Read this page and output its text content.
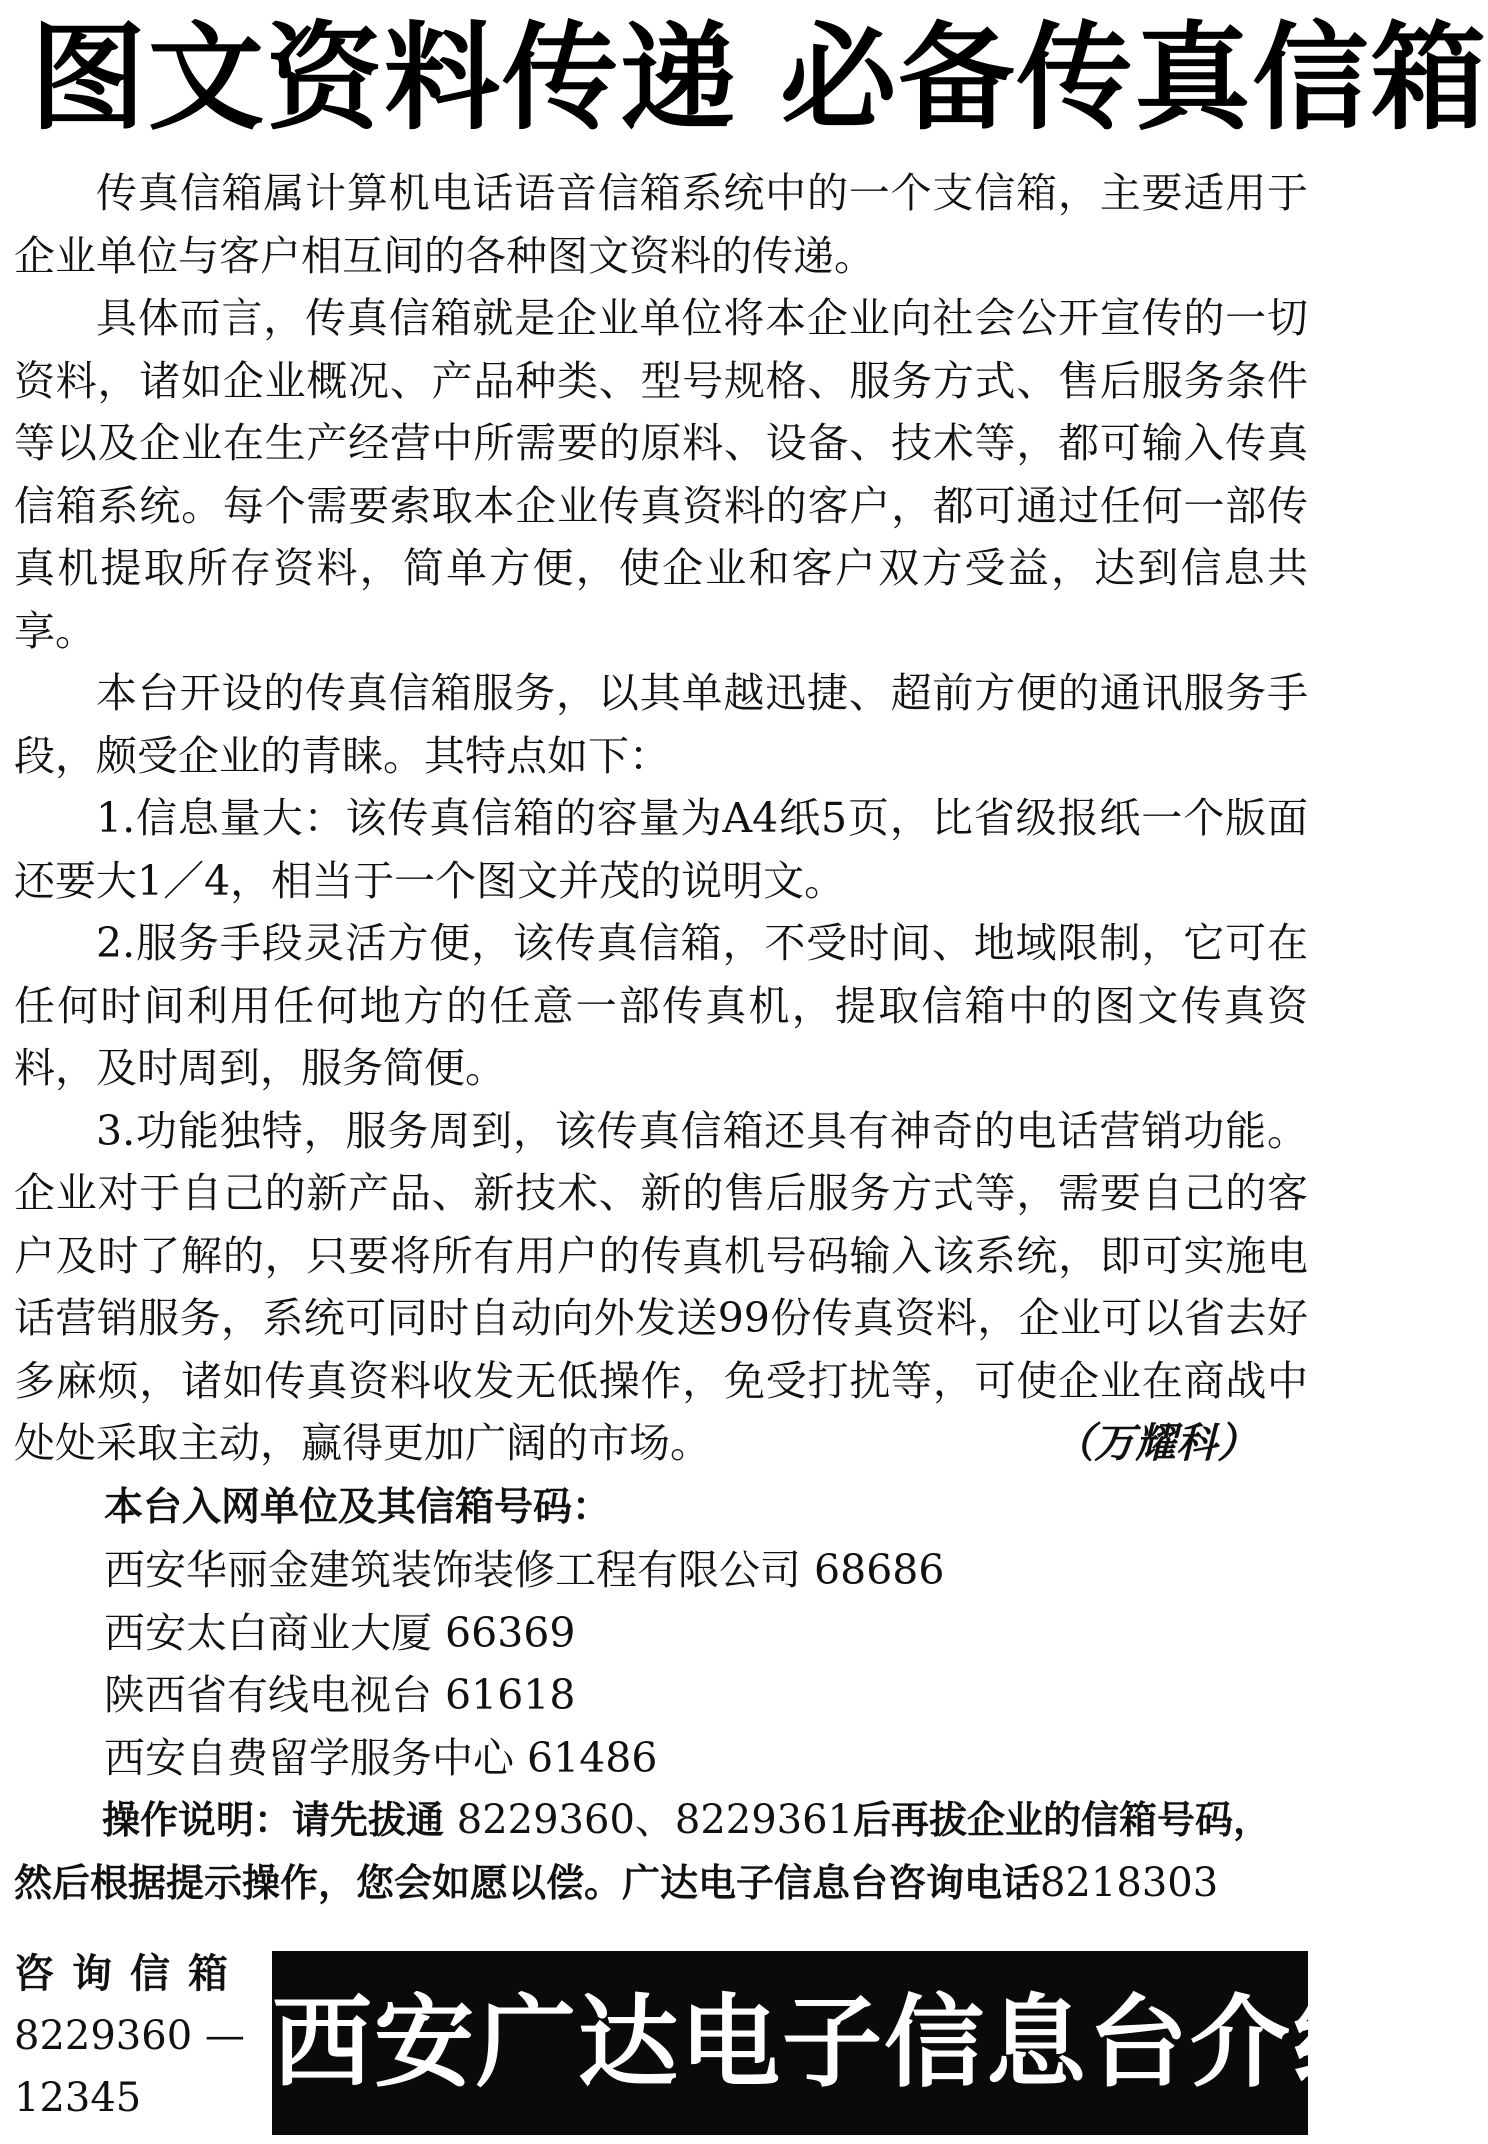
图文资料传递 必备传真信箱

传真信箱属计算机电话语音信箱系统中的一个支信箱，主要适用于企业单位与客户相互间的各种图文资料的传递。

具体而言，传真信箱就是企业单位将本企业向社会公开宣传的一切资料，诸如企业概况、产品种类、型号规格、服务方式、售后服务条件等以及企业在生产经营中所需要的原料、设备、技术等，都可输入传真信箱系统。每个需要索取本企业传真资料的客户，都可通过任何一部传真机提取所存资料，简单方便，使企业和客户双方受益，达到信息共享。

本台开设的传真信箱服务，以其单越迅捷、超前方便的通讯服务手段，颇受企业的青睐。其特点如下：

1.信息量大：该传真信箱的容量为A4纸5页，比省级报纸一个版面还要大1／4，相当于一个图文并茂的说明文。

2.服务手段灵活方便，该传真信箱，不受时间、地域限制，它可在任何时间利用任何地方的任意一部传真机，提取信箱中的图文传真资料，及时周到，服务简便。

3.功能独特，服务周到，该传真信箱还具有神奇的电话营销功能。企业对于自己的新产品、新技术、新的售后服务方式等，需要自己的客户及时了解的，只要将所有用户的传真机号码输入该系统，即可实施电话营销服务，系统可同时自动向外发送99份传真资料，企业可以省去好多麻烦，诸如传真资料收发无低操作，免受打扰等，可使企业在商战中处处采取主动，赢得更加广阔的市场。	（万耀科）

本台入网单位及其信箱号码：
西安华丽金建筑装饰装修工程有限公司 68686
西安太白商业大厦 66369
陕西省有线电视台 61618
西安自费留学服务中心 61486

操作说明：请先拔通 8229360、8229361后再拔企业的信箱号码，然后根据提示操作，您会如愿以偿。广达电子信息台咨询电话8218303

咨询信箱
8229360 —
12345	西安广达电子信息台介绍
